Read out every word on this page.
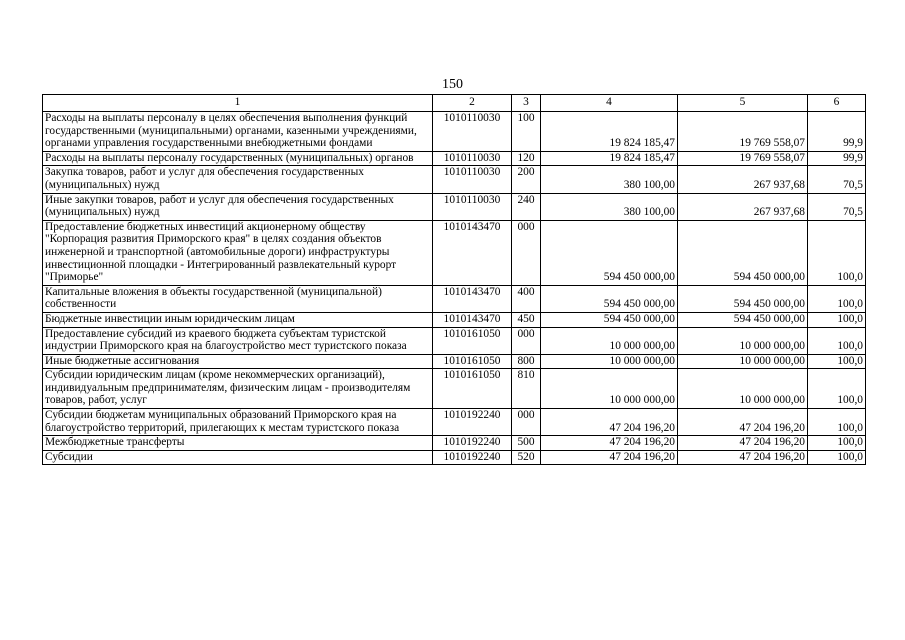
150
1	2	3	4	5	6
Расходы на выплаты персоналу в целях обеспечения выполнения функций государственными (муниципальными) органами, казенными учреждениями, органами управления государственными внебюджетными фондами	1010110030	100	19 824 185,47	19 769 558,07	99,9
Расходы на выплаты персоналу государственных (муниципальных) органов	1010110030	120	19 824 185,47	19 769 558,07	99,9
Закупка товаров, работ и услуг для обеспечения государственных (муниципальных) нужд	1010110030	200	380 100,00	267 937,68	70,5
Иные закупки товаров, работ и услуг для обеспечения государственных (муниципальных) нужд	1010110030	240	380 100,00	267 937,68	70,5
Предоставление бюджетных инвестиций акционерному обществу "Корпорация развития Приморского края" в целях создания объектов инженерной и транспортной (автомобильные дороги) инфраструктуры инвестиционной площадки - Интегрированный развлекательный курорт "Приморье"	1010143470	000	594 450 000,00	594 450 000,00	100,0
Капитальные вложения в объекты государственной (муниципальной) собственности	1010143470	400	594 450 000,00	594 450 000,00	100,0
Бюджетные инвестиции иным юридическим лицам	1010143470	450	594 450 000,00	594 450 000,00	100,0
Предоставление субсидий из краевого бюджета субъектам туристской индустрии Приморского края на благоустройство мест туристского показа	1010161050	000	10 000 000,00	10 000 000,00	100,0
Иные бюджетные ассигнования	1010161050	800	10 000 000,00	10 000 000,00	100,0
Субсидии юридическим лицам (кроме некоммерческих организаций), индивидуальным предпринимателям, физическим лицам - производителям товаров, работ, услуг	1010161050	810	10 000 000,00	10 000 000,00	100,0
Субсидии бюджетам муниципальных образований Приморского края на благоустройство территорий, прилегающих к местам туристского показа	1010192240	000	47 204 196,20	47 204 196,20	100,0
Межбюджетные трансферты	1010192240	500	47 204 196,20	47 204 196,20	100,0
Субсидии	1010192240	520	47 204 196,20	47 204 196,20	100,0
